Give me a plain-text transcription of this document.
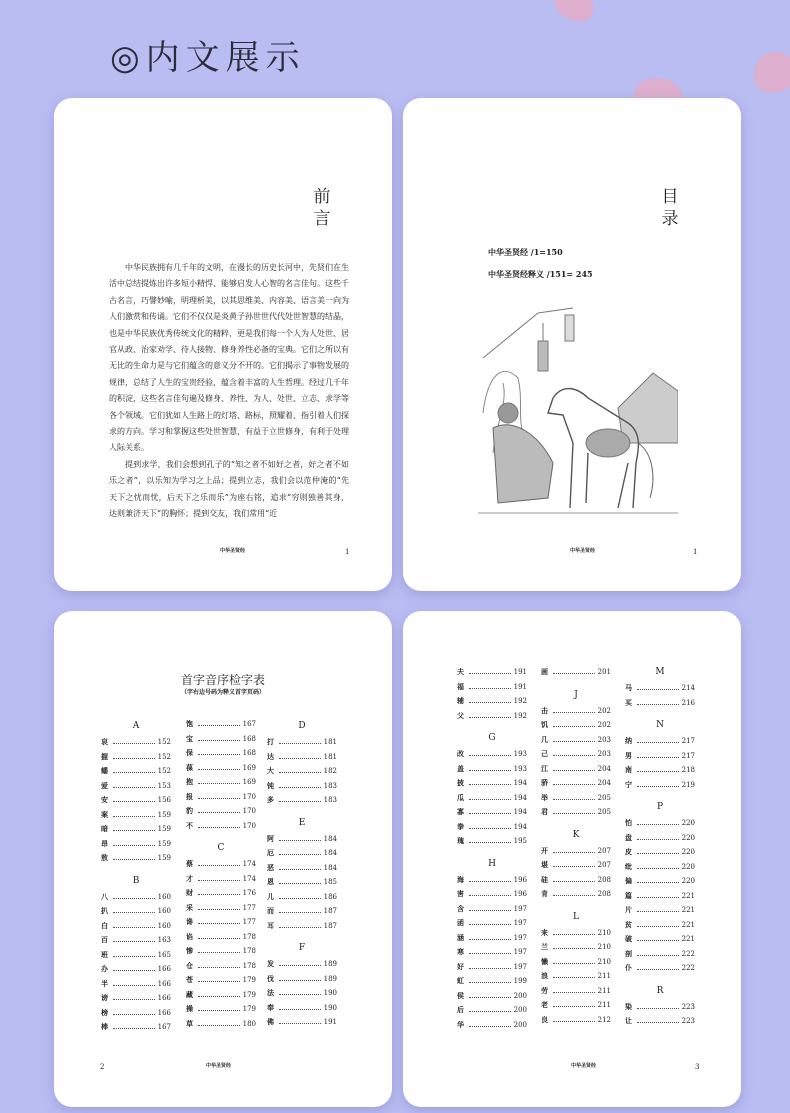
◎内文展示
前言

中华民族拥有几千年的文明，在漫长的历史长河中，先贤们在生活中总结提炼出许多短小精悍、能够启发人心智的名言佳句。这些千古名言，巧譬妙喻，明理析美，以其思维美、内容美、语言美一向为人们激赏和传诵。它们不仅仅是炎黄子孙世世代代处世智慧的结晶，也是中华民族优秀传统文化的精粹，更是我们每一个人为人处世、居官从政、治家劝学、待人接物、修身养性必备的宝典。它们之所以有无比的生命力是与它们蕴含的意义分不开的。它们揭示了事物发展的规律，总结了人生的宝贵经验，蕴含着丰富的人生哲理。经过几千年的积淀，这些名言佳句遍及修身、养性、为人、处世、立志、求学等各个领域。它们犹如人生路上的灯塔、路标，照耀着、指引着人们探求的方向。学习和掌握这些处世智慧，有益于立世修身，有利于处理人际关系。

提到求学，我们会想到孔子的“知之者不如好之者，好之者不如乐之者”，以乐知为学习之上品；提到立志，我们会以范仲淹的“先天下之忧而忧，后天下之乐而乐”为座右铭，追求“穷则独善其身，达则兼济天下”的胸怀；提到交友，我们常用“近

中华圣贤经	1
目录
中华圣贤经 /1=150
中华圣贤经释义 /151= 245
中华圣贤经	1
首字音序检字表
（字右边号码为释义首字页码）
A
哀	152
握	152
蟠	152
爱	153
安	156
案	159
暗	159
昂	159
敖	159
B
八	160
扒	160
白	160
百	163
班	165
办	166
半	166
谤	166
榜	166
棒	167
饱	167
宝	168
保	168
葆	169
抱	169
报	170
豹	170
不	170
C
蔡	174
才	174
财	176
采	177
谗	177
谄	178
惨	178
仓	178
苍	179
藏	179
操	179
草	180
D
打	181
达	181
大	182
钝	183
多	183
E
阿	184
厄	184
恶	184
恩	185
儿	186
而	187
耳	187
F
发	189
伐	189
法	190
奉	190
佛	191
2	中华圣贤经
夫	191
福	191
辅	192
父	192
G
改	193
盖	193
披	194
瓜	194
寡	194
拳	194
瑰	195
H
海	196
害	196
含	197
函	197
涵	197
寒	197
好	197
虹	199
侯	200
后	200
华	200
画	201
J
击	202
饥	202
几	203
己	203
江	204
骄	204
举	205
君	205
K
开	207
堪	207
硅	208
肯	208
L
来	210
兰	210
懒	210
浪	211
劳	211
老	211
良	212
M
马	214
买	216
N
纳	217
男	217
南	218
宁	219
P
怕	220
盘	220
皮	220
纰	220
偏	220
篇	221
片	221
贫	221
破	221
剖	222
仆	222
R
染	223
让	223
中华圣贤经	3
